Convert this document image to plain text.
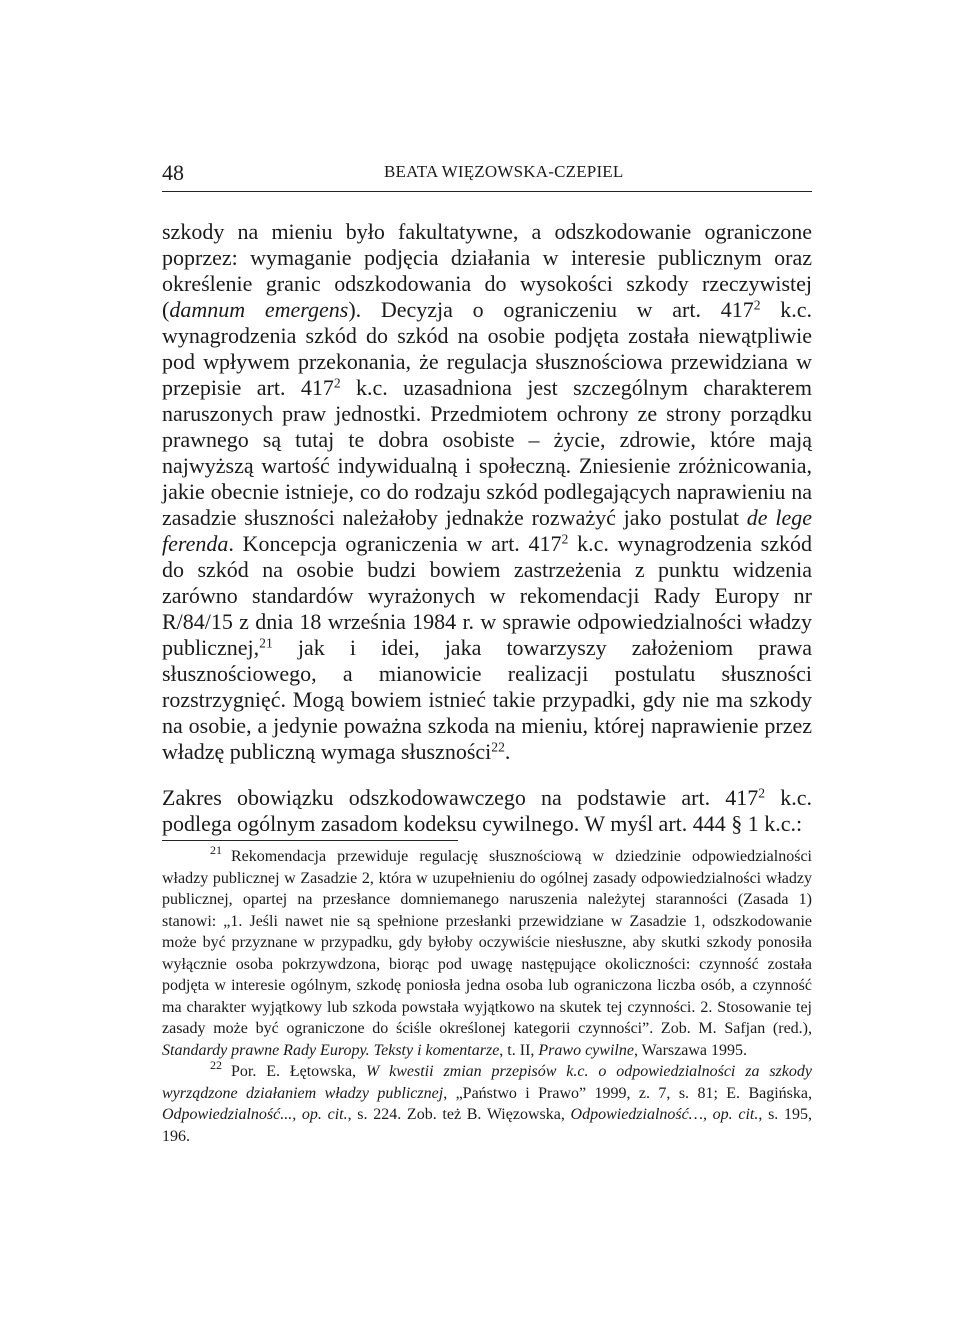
48	BEATA WIĘZOWSKA-CZEPIEL

szkody na mieniu było fakultatywne, a odszkodowanie ograniczone poprzez: wymaganie podjęcia działania w interesie publicznym oraz określenie granic odszkodowania do wysokości szkody rzeczywistej (damnum emergens). Decyzja o ograniczeniu w art. $417^2$ k.c. wynagrodzenia szkód do szkód na osobie podjęta została niewątpliwie pod wpływem przekonania, że regulacja słusznościowa przewidziana w przepisie art. $417^2$ k.c. uzasadniona jest szczególnym charakterem naruszonych praw jednostki. Przedmiotem ochrony ze strony porządku prawnego są tutaj te dobra osobiste – życie, zdrowie, które mają najwyższą wartość indywidualną i społeczną. Zniesienie zróżnicowania, jakie obecnie istnieje, co do rodzaju szkód podlegających naprawieniu na zasadzie słuszności należałoby jednakże rozważyć jako postulat de lege ferenda. Koncepcja ograniczenia w art. $417^2$ k.c. wynagrodzenia szkód do szkód na osobie budzi bowiem zastrzeżenia z punktu widzenia zarówno standardów wyrażonych w rekomendacji Rady Europy nr R/84/15 z dnia 18 września 1984 r. w sprawie odpowiedzialności władzy publicznej,$^{21}$ jak i idei, jaka towarzyszy założeniom prawa słusznościowego, a mianowicie realizacji postulatu słuszności rozstrzygnięć. Mogą bowiem istnieć takie przypadki, gdy nie ma szkody na osobie, a jedynie poważna szkoda na mieniu, której naprawienie przez władzę publiczną wymaga słuszności$^{22}$.

Zakres obowiązku odszkodowawczego na podstawie art. $417^2$ k.c. podlega ogólnym zasadom kodeksu cywilnego. W myśl art. 444 § 1 k.c.:

$^{21}$ Rekomendacja przewiduje regulację słusznościową w dziedzinie odpowiedzialności władzy publicznej w Zasadzie 2, która w uzupełnieniu do ogólnej zasady odpowiedzialności władzy publicznej, opartej na przesłance domniemanego naruszenia należytej staranności (Zasada 1) stanowi: „1. Jeśli nawet nie są spełnione przesłanki przewidziane w Zasadzie 1, odszkodowanie może być przyznane w przypadku, gdy byłoby oczywiście niesłuszne, aby skutki szkody ponosiła wyłącznie osoba pokrzywdzona, biorąc pod uwagę następujące okoliczności: czynność została podjęta w interesie ogólnym, szkodę poniosła jedna osoba lub ograniczona liczba osób, a czynność ma charakter wyjątkowy lub szkoda powstała wyjątkowo na skutek tej czynności. 2. Stosowanie tej zasady może być ograniczone do ściśle określonej kategorii czynności”. Zob. M. Safjan (red.), Standardy prawne Rady Europy. Teksty i komentarze, t. II, Prawo cywilne, Warszawa 1995.

$^{22}$ Por. E. Łętowska, W kwestii zmian przepisów k.c. o odpowiedzialności za szkody wyrządzone działaniem władzy publicznej, „Państwo i Prawo” 1999, z. 7, s. 81; E. Bagińska, Odpowiedzialność..., op. cit., s. 224. Zob. też B. Więzowska, Odpowiedzialność…, op. cit., s. 195, 196.
